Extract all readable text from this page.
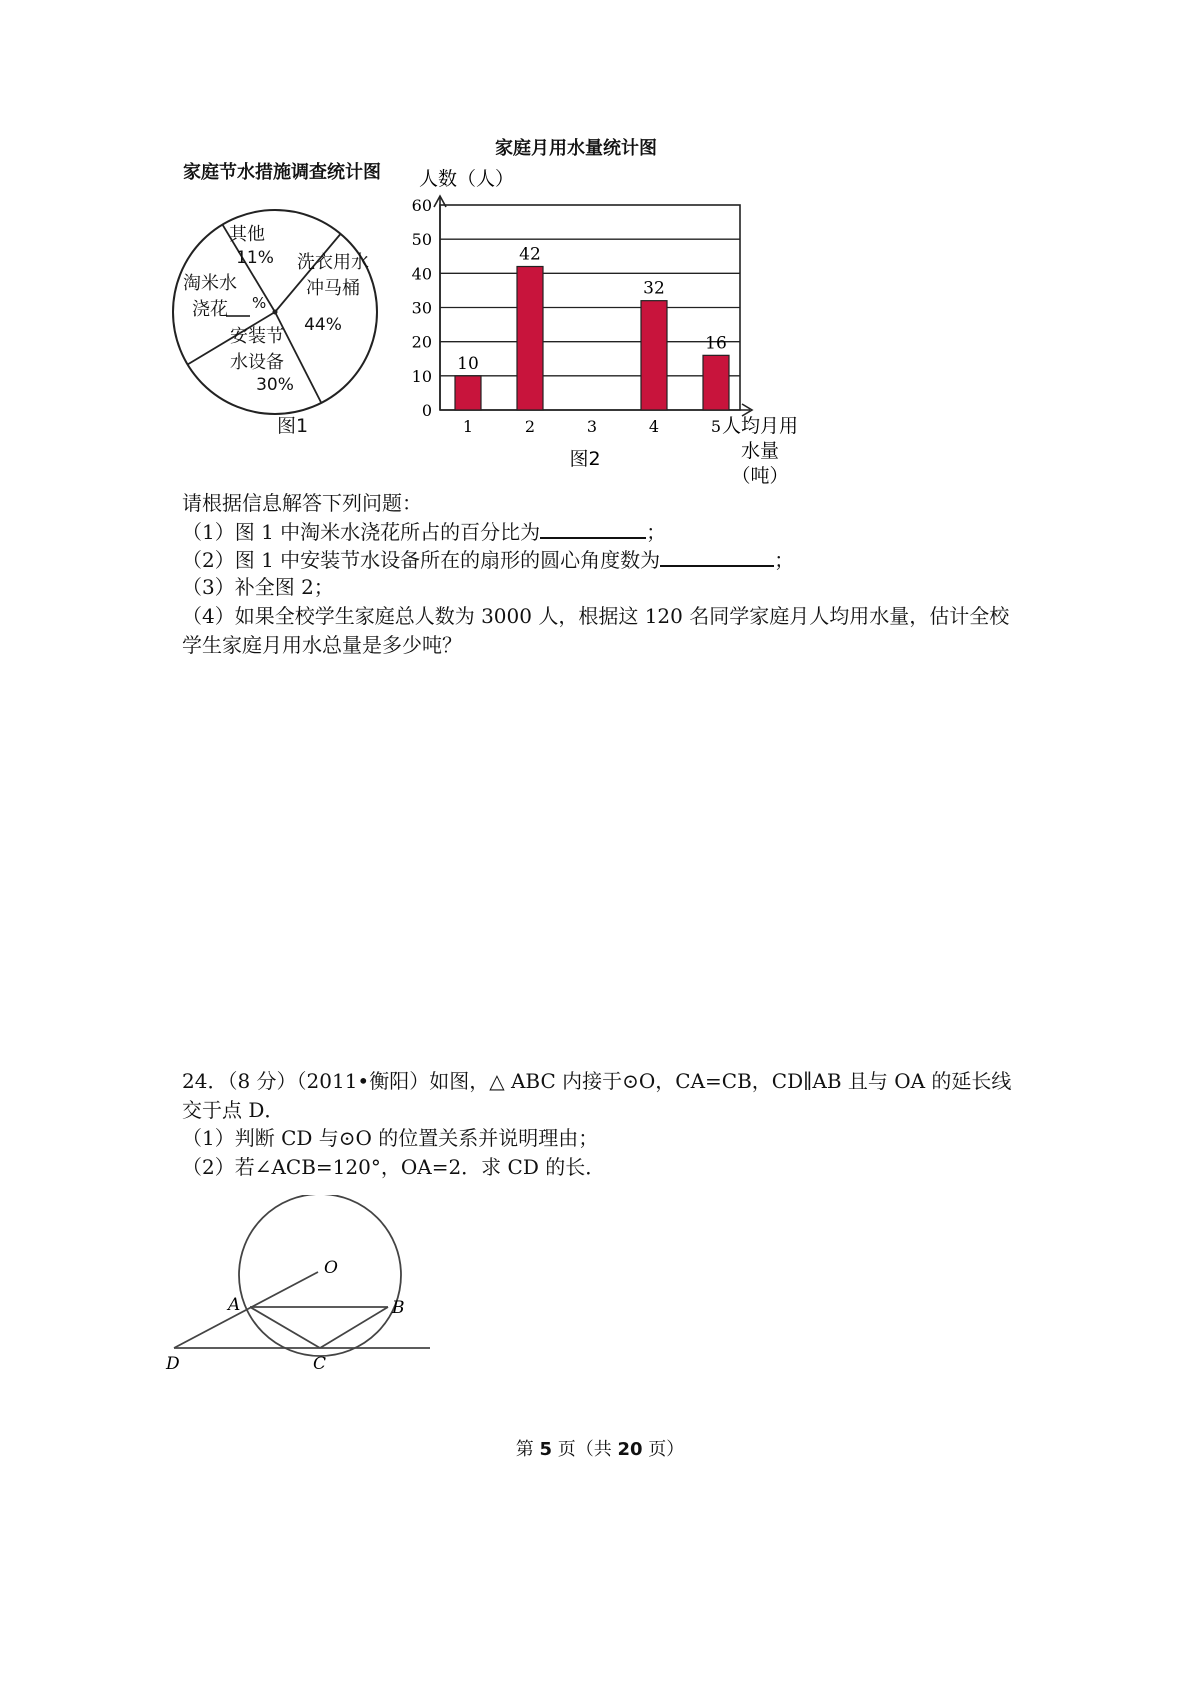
家庭节水措施调查统计图
其他
11% 洗衣用水
冲马桶
44%
安装节
水设备
30%
淘米水
浇花 %
图1
家庭月用水量统计图
0
10
20
30
40
50
60
人数（人）
1
10
2
42
3	4
32
5
16
人均月用
水量
（吨）
图2
请根据信息解答下列问题：
（1）图 1 中淘米水浇花所占的百分比为	；
（2）图 1 中安装节水设备所在的扇形的圆心角度数为	；
（3）补全图 2；
（4）如果全校学生家庭总人数为 3000 人，根据这 120 名同学家庭月人均用水量，估计全校
学生家庭月用水总量是多少吨？
24．（8 分）（2011•衡阳）如图，△ ABC 内接于⊙O，CA=CB，CD∥AB 且与 OA 的延长线
交于点 D．
（1）判断 CD 与⊙O 的位置关系并说明理由；
（2）若∠ACB=120°，OA=2．求 CD 的长．
O
A	B
C
D
第 5 页（共 20 页）
